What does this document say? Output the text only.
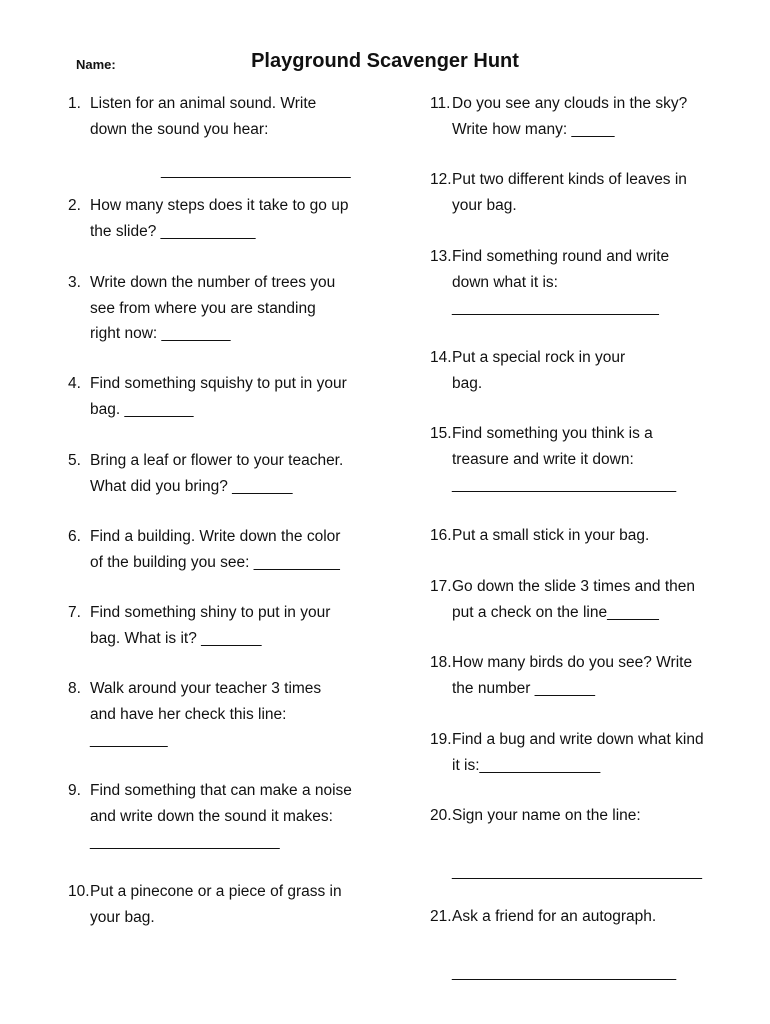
Name:	Playground Scavenger Hunt
1. Listen for an animal sound. Write
down the sound you hear:
______________________
2. How many steps does it take to go up
the slide? ___________
3. Write down the number of trees you
see from where you are standing
right now: ________
4. Find something squishy to put in your
bag. ________
5. Bring a leaf or flower to your teacher.
What did you bring? _______
6. Find a building. Write down the color
of the building you see: __________
7. Find something shiny to put in your
bag. What is it? _______
8. Walk around your teacher 3 times
and have her check this line:
_________
9. Find something that can make a noise
and write down the sound it makes:
______________________
10. Put a pinecone or a piece of grass in
your bag.
11. Do you see any clouds in the sky?
Write how many: _____
12. Put two different kinds of leaves in
your bag.
13. Find something round and write
down what it is:
________________________
14. Put a special rock in your
bag.
15. Find something you think is a
treasure and write it down:
__________________________
16. Put a small stick in your bag.
17. Go down the slide 3 times and then
put a check on the line______
18. How many birds do you see? Write
the number _______
19. Find a bug and write down what kind
it is:______________
20. Sign your name on the line:
_____________________________
21. Ask a friend for an autograph.
__________________________
